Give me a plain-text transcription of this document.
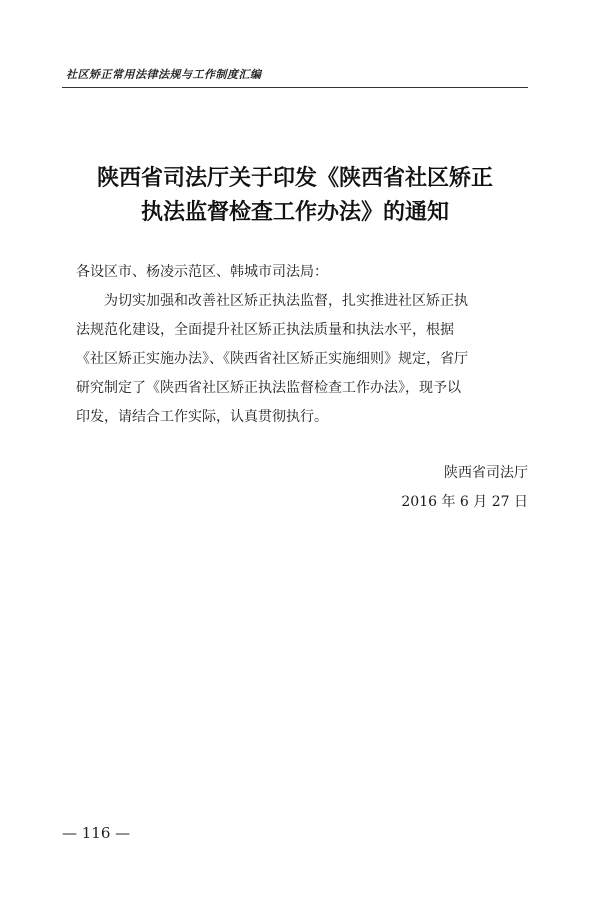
社区矫正常用法律法规与工作制度汇编
陕西省司法厅关于印发《陕西省社区矫正
执法监督检查工作办法》的通知
各设区市、杨凌示范区、韩城市司法局：
为切实加强和改善社区矫正执法监督，扎实推进社区矫正执
法规范化建设，全面提升社区矫正执法质量和执法水平，根据
《社区矫正实施办法》、《陕西省社区矫正实施细则》规定，省厅
研究制定了《陕西省社区矫正执法监督检查工作办法》，现予以
印发，请结合工作实际，认真贯彻执行。
陕西省司法厅
2016 年 6 月 27 日
— 116 —
